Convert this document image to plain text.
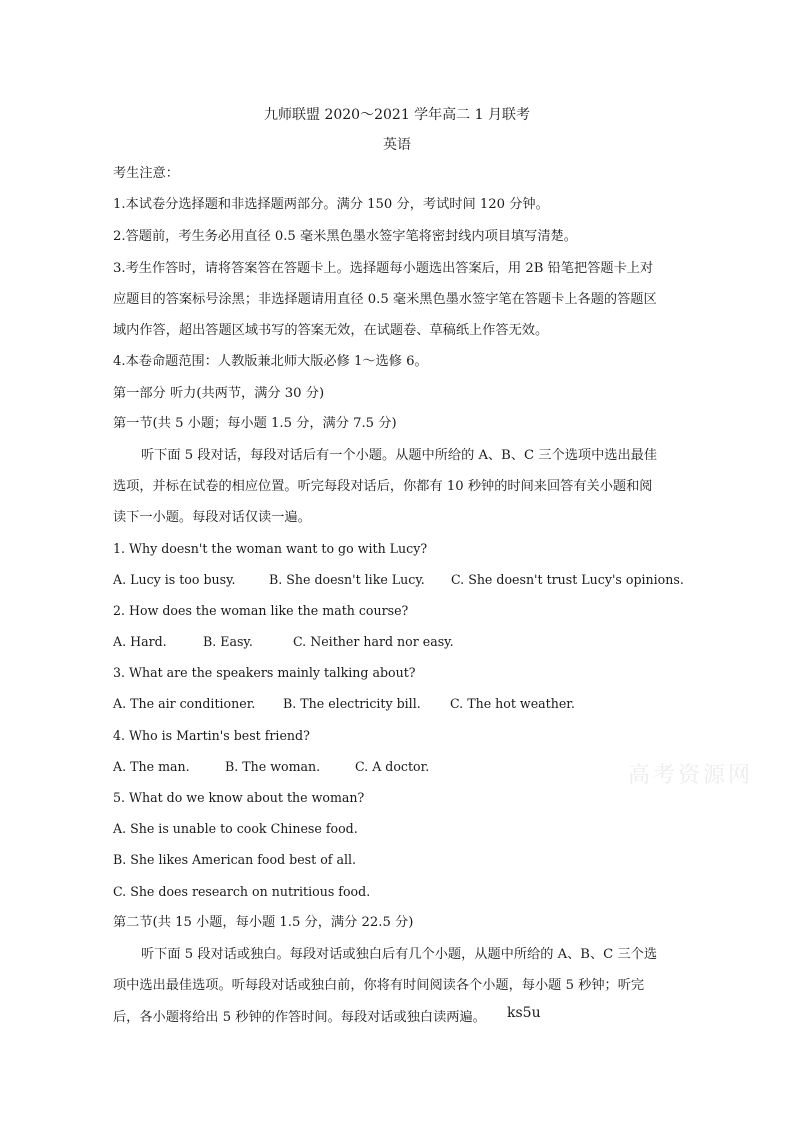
九师联盟 2020～2021 学年高二 1 月联考
英语
考生注意：
1.本试卷分选择题和非选择题两部分。满分 150 分，考试时间 120 分钟。
2.答题前，考生务必用直径 0.5 毫米黑色墨水签字笔将密封线内项目填写清楚。
3.考生作答时，请将答案答在答题卡上。选择题每小题选出答案后，用 2B 铅笔把答题卡上对
应题目的答案标号涂黑；非选择题请用直径 0.5 毫米黑色墨水签字笔在答题卡上各题的答题区
域内作答，超出答题区域书写的答案无效，在试题卷、草稿纸上作答无效。
4.本卷命题范围：人教版兼北师大版必修 1～选修 6。
第一部分 听力(共两节，满分 30 分)
第一节(共 5 小题；每小题 1.5 分，满分 7.5 分)
听下面 5 段对话，每段对话后有一个小题。从题中所给的 A、B、C 三个选项中选出最佳
选项，并标在试卷的相应位置。听完每段对话后，你都有 10 秒钟的时间来回答有关小题和阅
读下一小题。每段对话仅读一遍。
1. Why doesn't the woman want to go with Lucy?
A. Lucy is too busy.	B. She doesn't like Lucy. C. She doesn't trust Lucy's opinions.
2. How does the woman like the math course?
A. Hard.	B. Easy.	C. Neither hard nor easy.
3. What are the speakers mainly talking about?
A. The air conditioner. B. The electricity bill. C. The hot weather.
4. Who is Martin's best friend?
A. The man.	B. The woman.	C. A doctor.
5. What do we know about the woman?
A. She is unable to cook Chinese food.
B. She likes American food best of all.
C. She does research on nutritious food.
第二节(共 15 小题，每小题 1.5 分，满分 22.5 分)
听下面 5 段对话或独白。每段对话或独白后有几个小题，从题中所给的 A、B、C 三个选
项中选出最佳选项。听每段对话或独白前，你将有时间阅读各个小题，每小题 5 秒钟；听完
后，各小题将给出 5 秒钟的作答时间。每段对话或独白读两遍。 ks5u
高考资源网
